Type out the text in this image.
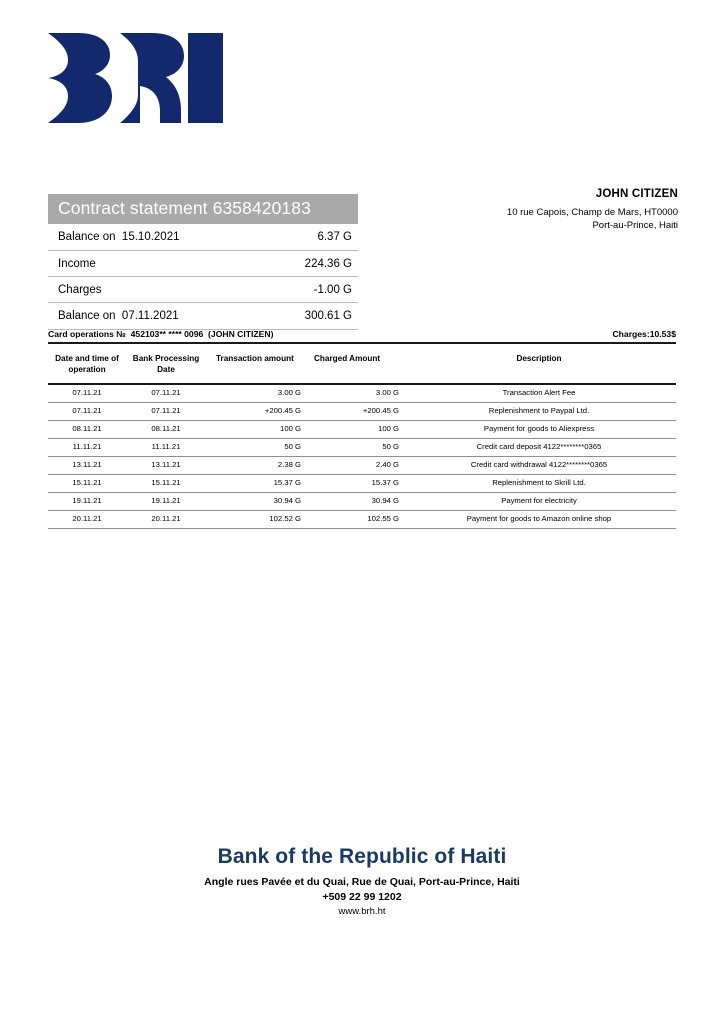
Contract statement 6358420183
Balance on  15.10.2021	6.37 G
Income	224.36 G
Charges	-1.00 G
Balance on  07.11.2021	300.61 G
JOHN CITIZEN
10 rue Capois, Champ de Mars, HT0000 Port-au-Prince, Haiti
Card operations №  452103** **** 0096  (JOHN CITIZEN)	Charges:10.53$
Date and time of operation	Bank Processing Date	Transaction amount	Charged Amount	Description
07.11.21	07.11.21	3.00 G	3.00 G	Transaction Alert Fee
07.11.21	07.11.21	+200.45 G	+200.45 G	Replenishment to Paypal Ltd.
08.11.21	08.11.21	100 G	100 G	Payment for goods to Aliexpress
11.11.21	11.11.21	50 G	50 G	Credit card deposit 4122********0365
13.11.21	13.11.21	2.38 G	2.40 G	Credit card withdrawal 4122********0365
15.11.21	15.11.21	15.37 G	15.37 G	Replenishment to Skrill Ltd.
19.11.21	19.11.21	30.94 G	30.94 G	Payment for electricity
20.11.21	20.11.21	102.52 G	102.55 G	Payment for goods to Amazon online shop
Bank of the Republic of Haiti
Angle rues Pavée et du Quai, Rue de Quai, Port-au-Prince, Haiti
+509 22 99 1202
www.brh.ht
